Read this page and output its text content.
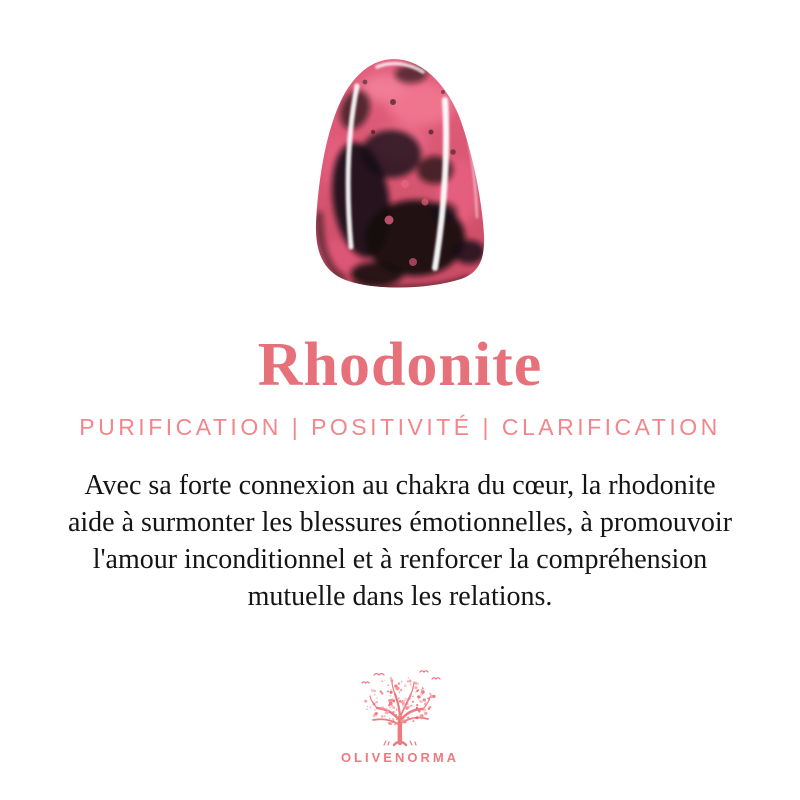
Rhodonite
PURIFICATION | POSITIVITÉ | CLARIFICATION
Avec sa forte connexion au chakra du cœur, la rhodonite
aide à surmonter les blessures émotionnelles, à promouvoir
l'amour inconditionnel et à renforcer la compréhension
mutuelle dans les relations.
OLIVENORMA
